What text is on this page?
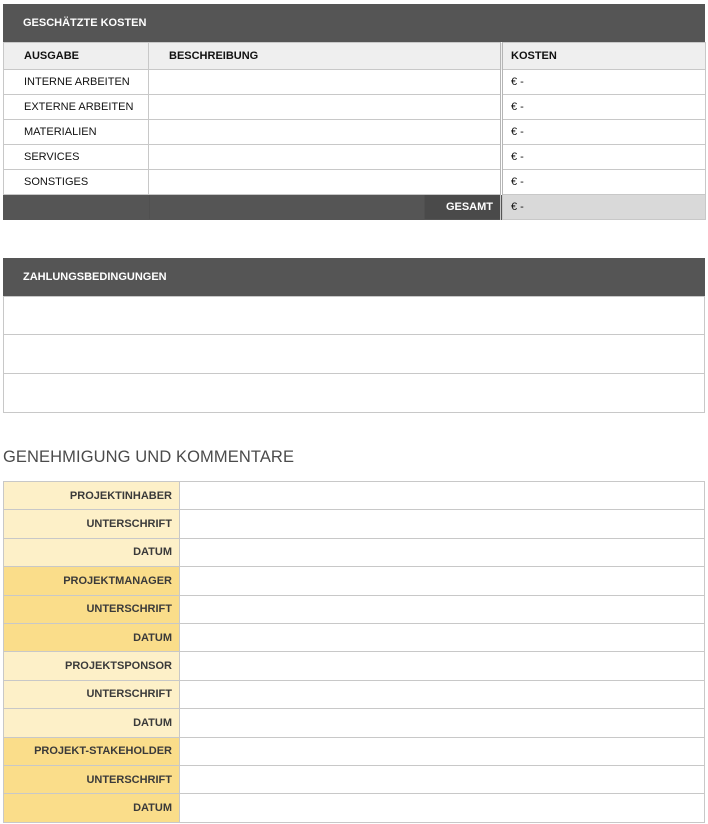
GESCHÄTZTE KOSTEN
AUSGABE	BESCHREIBUNG	KOSTEN
INTERNE ARBEITEN		€ -
EXTERNE ARBEITEN		€ -
MATERIALIEN		€ -
SERVICES		€ -
SONSTIGES		€ -
	GESAMT	€ -
ZAHLUNGSBEDINGUNGEN
GENEHMIGUNG UND KOMMENTARE
PROJEKTINHABER	
UNTERSCHRIFT	
DATUM	
PROJEKTMANAGER	
UNTERSCHRIFT	
DATUM	
PROJEKTSPONSOR	
UNTERSCHRIFT	
DATUM	
PROJEKT-STAKEHOLDER	
UNTERSCHRIFT	
DATUM	
